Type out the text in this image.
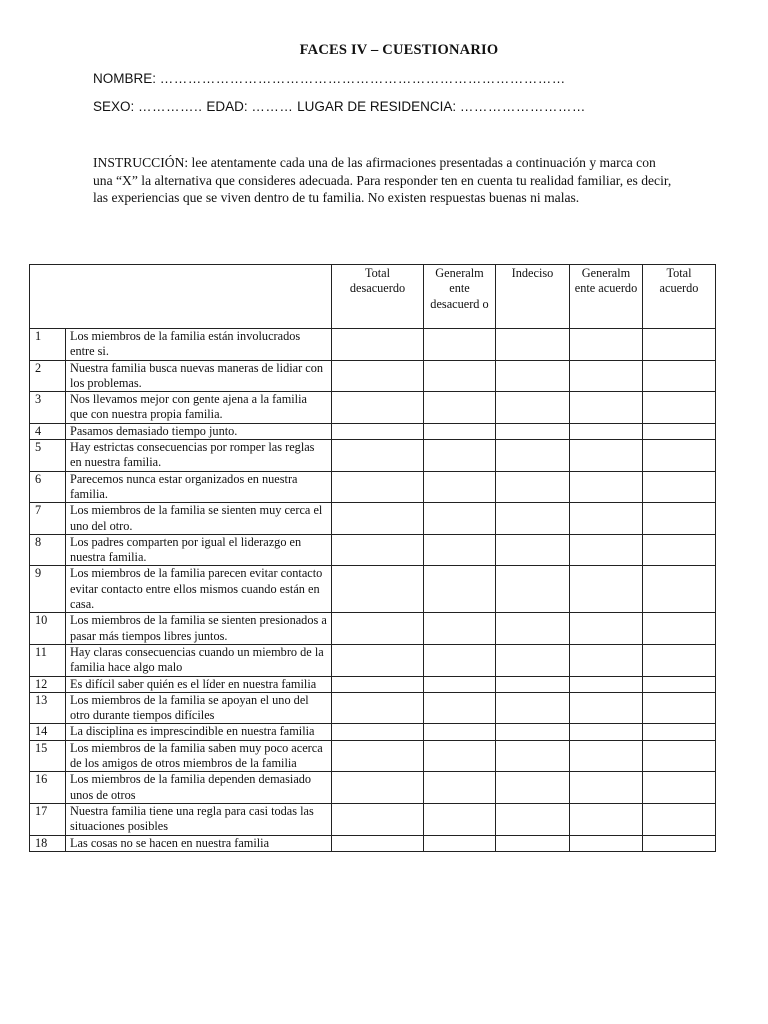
FACES IV – CUESTIONARIO
NOMBRE: ……………………………………………………………………………
SEXO: ………….. EDAD: ……… LUGAR DE RESIDENCIA: ………………………
INSTRUCCIÓN: lee atentamente cada una de las afirmaciones presentadas a continuación y marca con una “X” la alternativa que consideres adecuada. Para responder ten en cuenta tu realidad familiar, es decir, las experiencias que se viven dentro de tu familia. No existen respuestas buenas ni malas.
		Total desacuerdo	Generalm ente desacuerd o	Indeciso	Generalm ente acuerdo	Total acuerdo
1	Los miembros de la familia están involucrados entre si.					
2	Nuestra familia busca nuevas maneras de lidiar con los problemas.					
3	Nos llevamos mejor con gente ajena a la familia que con nuestra propia familia.					
4	Pasamos demasiado tiempo junto.					
5	Hay estrictas consecuencias por romper las reglas en nuestra familia.					
6	Parecemos nunca estar organizados en nuestra familia.					
7	Los miembros de la familia se sienten muy cerca el uno del otro.					
8	Los padres comparten por igual el liderazgo en nuestra familia.					
9	Los miembros de la familia parecen evitar contacto evitar contacto entre ellos mismos cuando están en casa.					
10	Los miembros de la familia se sienten presionados a pasar más tiempos libres juntos.					
11	Hay claras consecuencias cuando un miembro de la familia hace algo malo					
12	Es difícil saber quién es el líder en nuestra familia					
13	Los miembros de la familia se apoyan el uno del otro durante tiempos difíciles					
14	La disciplina es imprescindible en nuestra familia					
15	Los miembros de la familia saben muy poco acerca de los amigos de otros miembros de la familia					
16	Los miembros de la familia dependen demasiado unos de otros					
17	Nuestra familia tiene una regla para casi todas las situaciones posibles					
18	Las cosas no se hacen en nuestra familia					
